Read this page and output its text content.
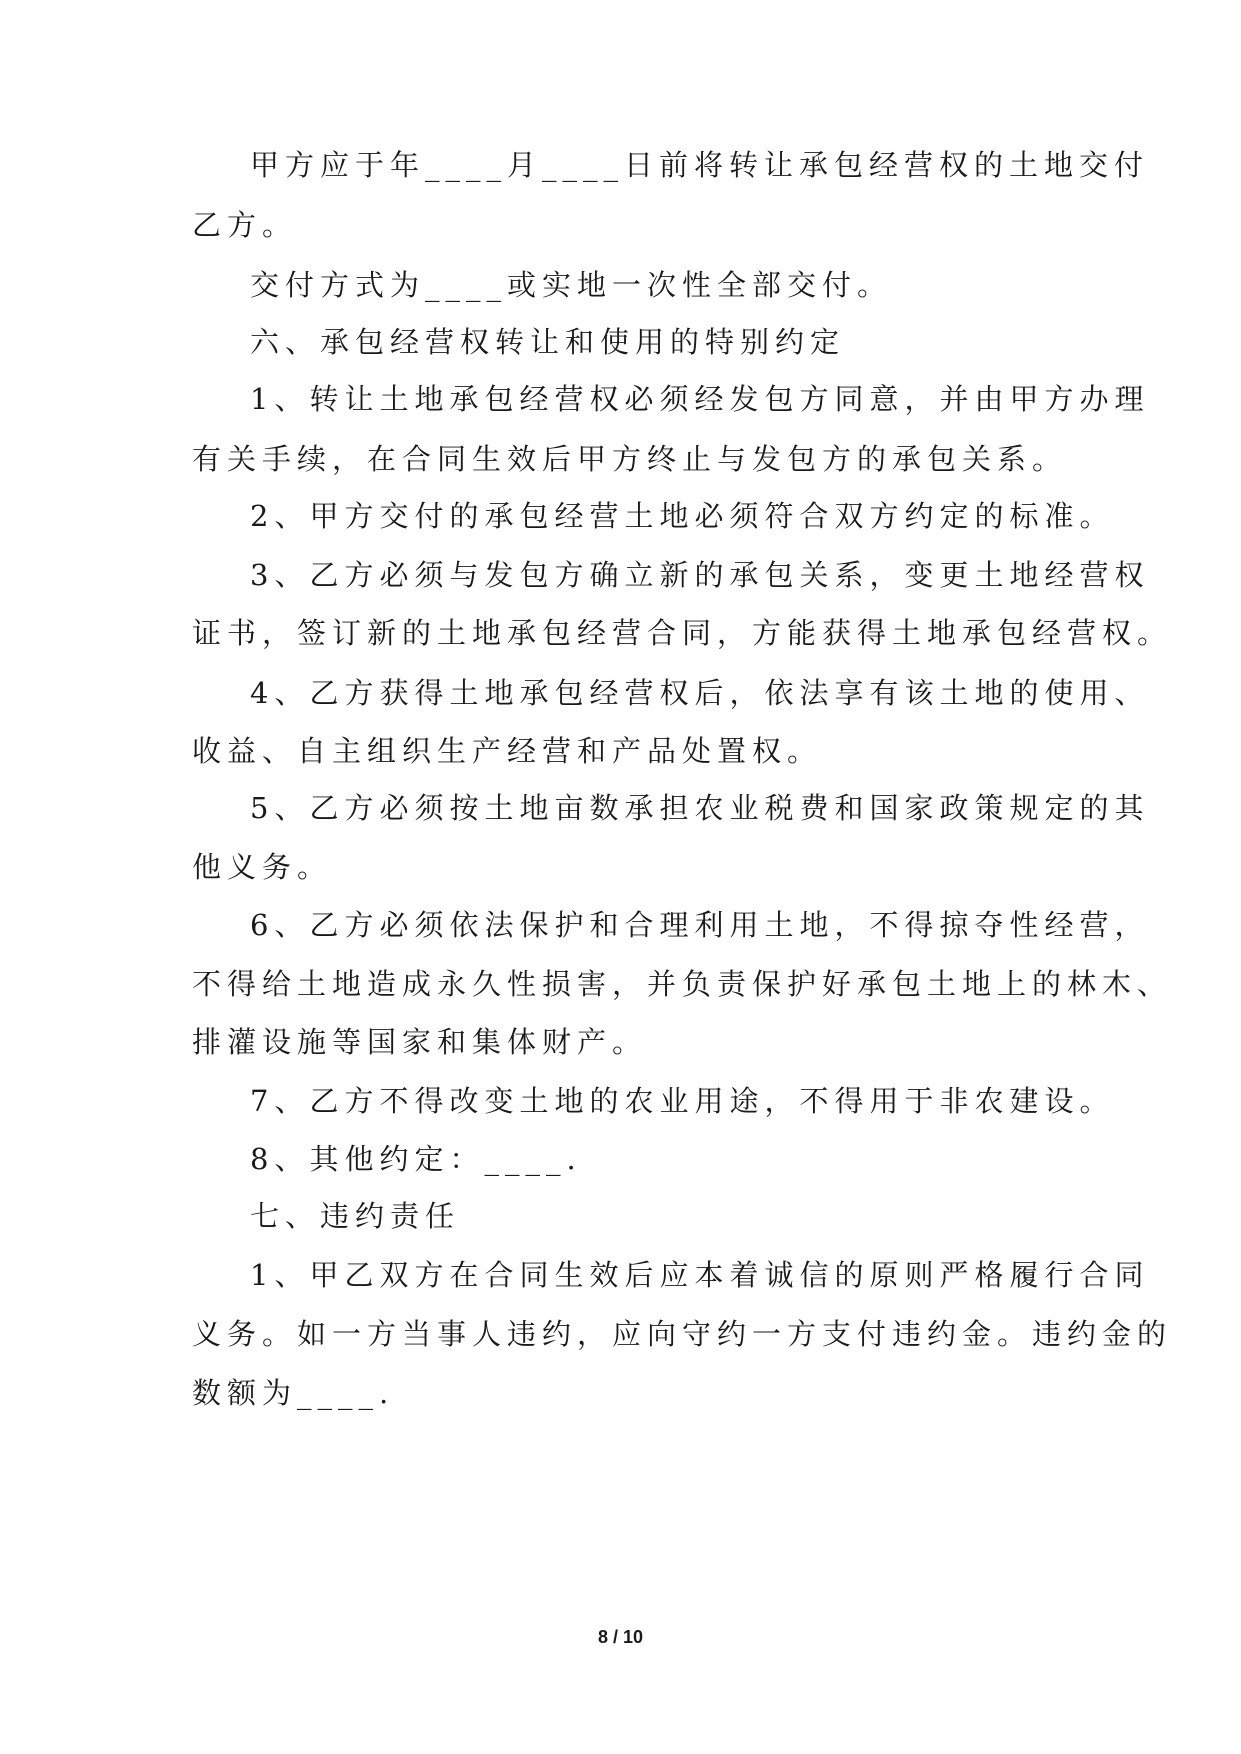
甲方应于年____月____日前将转让承包经营权的土地交付
乙方。
交付方式为____或实地一次性全部交付。
六、承包经营权转让和使用的特别约定
1、转让土地承包经营权必须经发包方同意，并由甲方办理
有关手续，在合同生效后甲方终止与发包方的承包关系。
2、甲方交付的承包经营土地必须符合双方约定的标准。
3、乙方必须与发包方确立新的承包关系，变更土地经营权
证书，签订新的土地承包经营合同，方能获得土地承包经营权。
4、乙方获得土地承包经营权后，依法享有该土地的使用、
收益、自主组织生产经营和产品处置权。
5、乙方必须按土地亩数承担农业税费和国家政策规定的其
他义务。
6、乙方必须依法保护和合理利用土地，不得掠夺性经营，
不得给土地造成永久性损害，并负责保护好承包土地上的林木、
排灌设施等国家和集体财产。
7、乙方不得改变土地的农业用途，不得用于非农建设。
8、其他约定：____.
七、违约责任
1、甲乙双方在合同生效后应本着诚信的原则严格履行合同
义务。如一方当事人违约，应向守约一方支付违约金。违约金的
数额为____.
8 / 10
